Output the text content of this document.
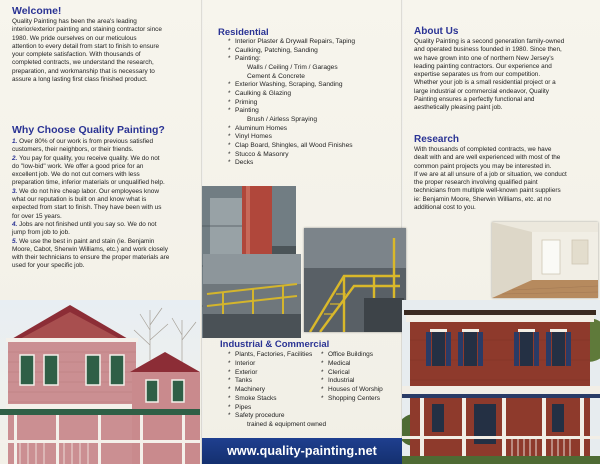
Welcome!
Quality Painting has been the area's leading
interior/exterior painting and staining contractor since
1980. We pride ourselves on our meticulous
attention to every detail from start to finish to ensure
your complete satisfaction. With thousands of
completed contracts, we understand the research,
preparation, and workmanship that is necessary to
assure a long lasting first class finished product.
Why Choose Quality Painting?
1. Over 80% of our work is from previous satisfied
customers, their neighbors, or their friends.
2. You pay for quality, you receive quality. We do not
do "low-bid" work. We offer a good price for an
excellent job. We do not cut corners with less
preparation time, inferior materials or unqualified help.
3. We do not hire cheap labor. Our employees know
what our reputation is built on and know what is
expected from start to finish. They have been with us
for over 15 years.
4. Jobs are not finished until you say so. We do not
jump from job to job.
5. We use the best in paint and stain (ie. Benjamin
Moore, Cabot, Sherwin Williams, etc.) and work closely
with their technicians to ensure the proper materials are
used for your specific job.
Residential
* Interior Plaster & Drywall Repairs, Taping
* Caulking, Patching, Sanding
* Painting:
Walls / Ceiling / Trim / Garages
Cement & Concrete
* Exterior Washing, Scraping, Sanding
* Caulking & Glazing
* Priming
* Painting
Brush / Airless Spraying
* Aluminum Homes
* Vinyl Homes
* Clap Board, Shingles, all Wood Finishes
* Stucco & Masonry
* Decks
Industrial & Commercial
* Plants, Factories, Facilities
* Interior
* Exterior
* Tanks
* Machinery
* Smoke Stacks
* Pipes
* Safety procedure
trained & equipment owned
* Office Buildings
* Medical
* Clerical
* Industrial
* Houses of Worship
* Shopping Centers
www.quality-painting.net
About Us
Quality Painting is a second generation family-owned
and operated business founded in 1980. Since then,
we have grown into one of northern New Jersey's
leading painting contractors. Our experience and
expertise separates us from our competition.
Whether your job is a small residential project or a
large industrial or commercial endeavor, Quality
Painting ensures a perfectly functional and
aesthetically pleasing paint job.
Research
With thousands of completed contracts, we have
dealt with and are well experienced with most of the
common paint projects you may be interested in.
If we are at all unsure of a job or situation, we conduct
the proper research involving qualified paint
technicians from multiple well-known paint suppliers
ie: Benjamin Moore, Sherwin Williams, etc. at no
additional cost to you.
